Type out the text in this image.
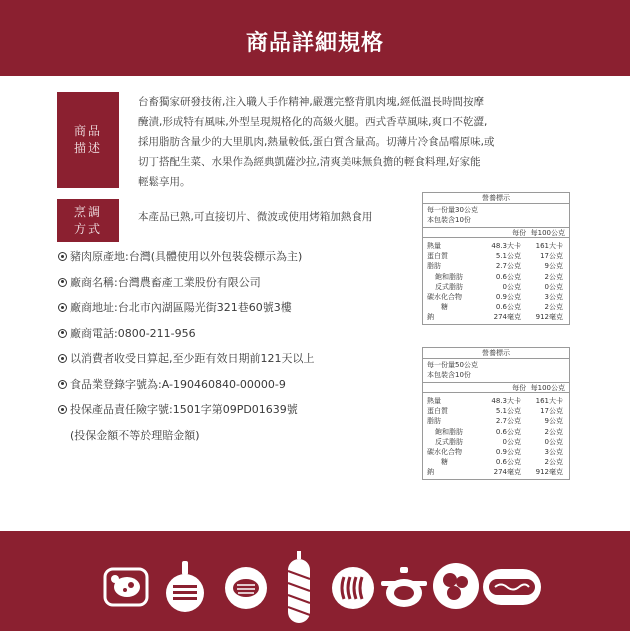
商品詳細規格
商品
描述
台畜獨家研發技術,注入職人手作精神,嚴選完整背肌肉塊,經低溫長時間按摩
醃漬,形成特有風味,外型呈現規格化的高級火腿。西式香草風味,爽口不乾澀,
採用脂肪含量少的大里肌肉,熱量較低,蛋白質含量高。切薄片冷食品嚐原味,或
切丁搭配生菜、水果作為經典凱薩沙拉,清爽美味無負擔的輕食料理,好家能
輕鬆享用。
烹調
方式
本產品已熟,可直接切片、微波或使用烤箱加熱食用
豬肉原產地:台灣(具體使用以外包裝袋標示為主)
廠商名稱:台灣農畜產工業股份有限公司
廠商地址:台北市內湖區陽光街321巷60號3樓
廠商電話:0800-211-956
以消費者收受日算起,至少距有效日期前121天以上
食品業登錄字號為:A-190460840-00000-9
投保產品責任險字號:1501字第09PD01639號
(投保金額不等於理賠金額)
營養標示
每一份量30公克
本包裝含10份
每份 每100公克
熱量	48.3大卡	161大卡
蛋白質	5.1公克	17公克
脂肪	2.7公克	9公克
飽和脂肪	0.6公克	2公克
反式脂肪	0公克	0公克
碳水化合物	0.9公克	3公克
糖	0.6公克	2公克
鈉	274毫克	912毫克
營養標示
每一份量50公克
本包裝含10份
每份 每100公克
熱量	48.3大卡	161大卡
蛋白質	5.1公克	17公克
脂肪	2.7公克	9公克
飽和脂肪	0.6公克	2公克
反式脂肪	0公克	0公克
碳水化合物	0.9公克	3公克
糖	0.6公克	2公克
鈉	274毫克	912毫克
